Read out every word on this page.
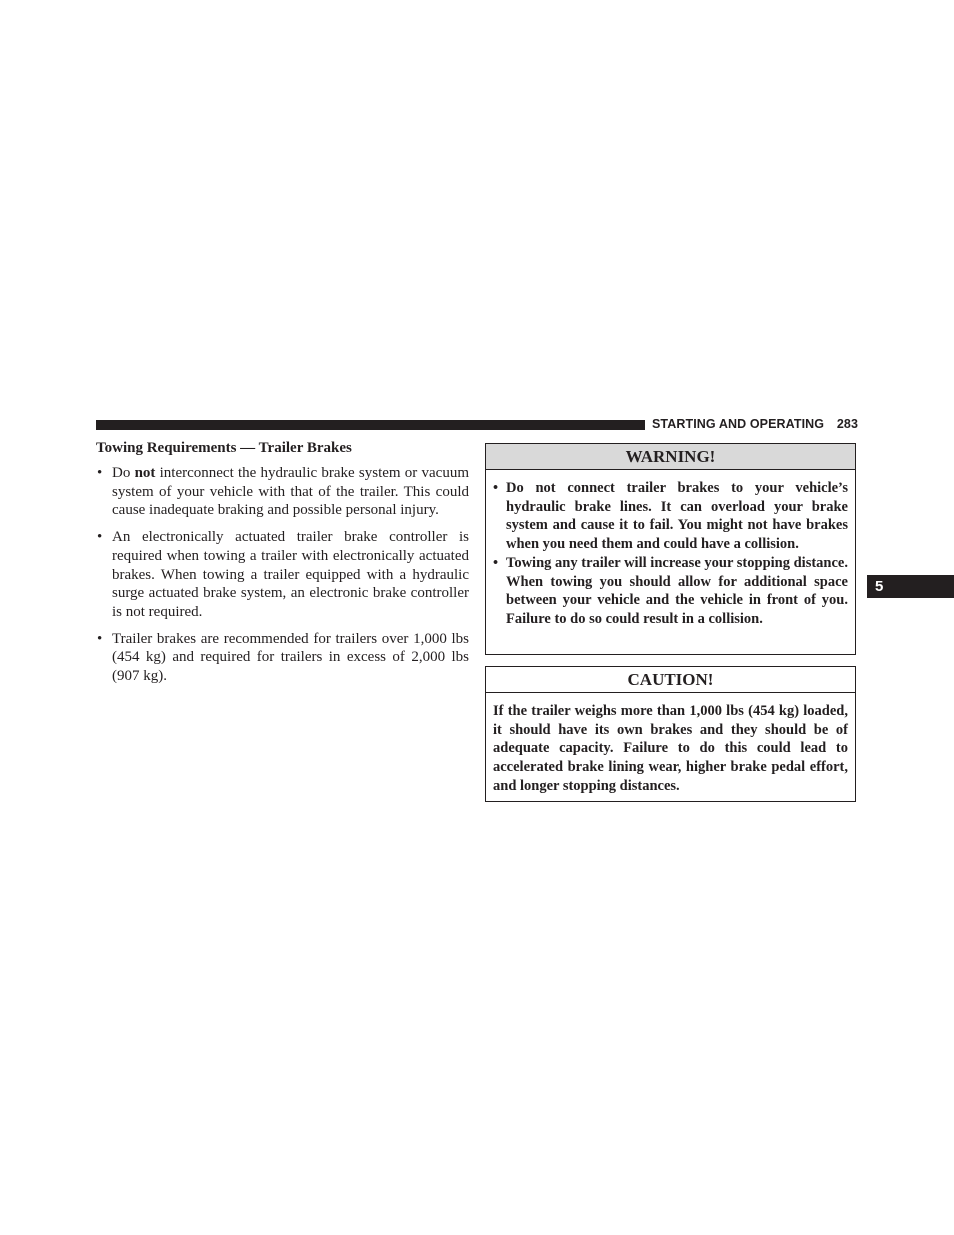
STARTING AND OPERATING 283
5
Towing Requirements — Trailer Brakes
• Do not interconnect the hydraulic brake system or vacuum system of your vehicle with that of the trailer. This could cause inadequate braking and possible personal injury.
• An electronically actuated trailer brake controller is required when towing a trailer with electronically actuated brakes. When towing a trailer equipped with a hydraulic surge actuated brake system, an electronic brake controller is not required.
• Trailer brakes are recommended for trailers over 1,000 lbs (454 kg) and required for trailers in excess of 2,000 lbs (907 kg).
WARNING!
• Do not connect trailer brakes to your vehicle’s hydraulic brake lines. It can overload your brake system and cause it to fail. You might not have brakes when you need them and could have a collision.
• Towing any trailer will increase your stopping distance. When towing you should allow for additional space between your vehicle and the vehicle in front of you. Failure to do so could result in a collision.
CAUTION!
If the trailer weighs more than 1,000 lbs (454 kg) loaded, it should have its own brakes and they should be of adequate capacity. Failure to do this could lead to accelerated brake lining wear, higher brake pedal effort, and longer stopping distances.
